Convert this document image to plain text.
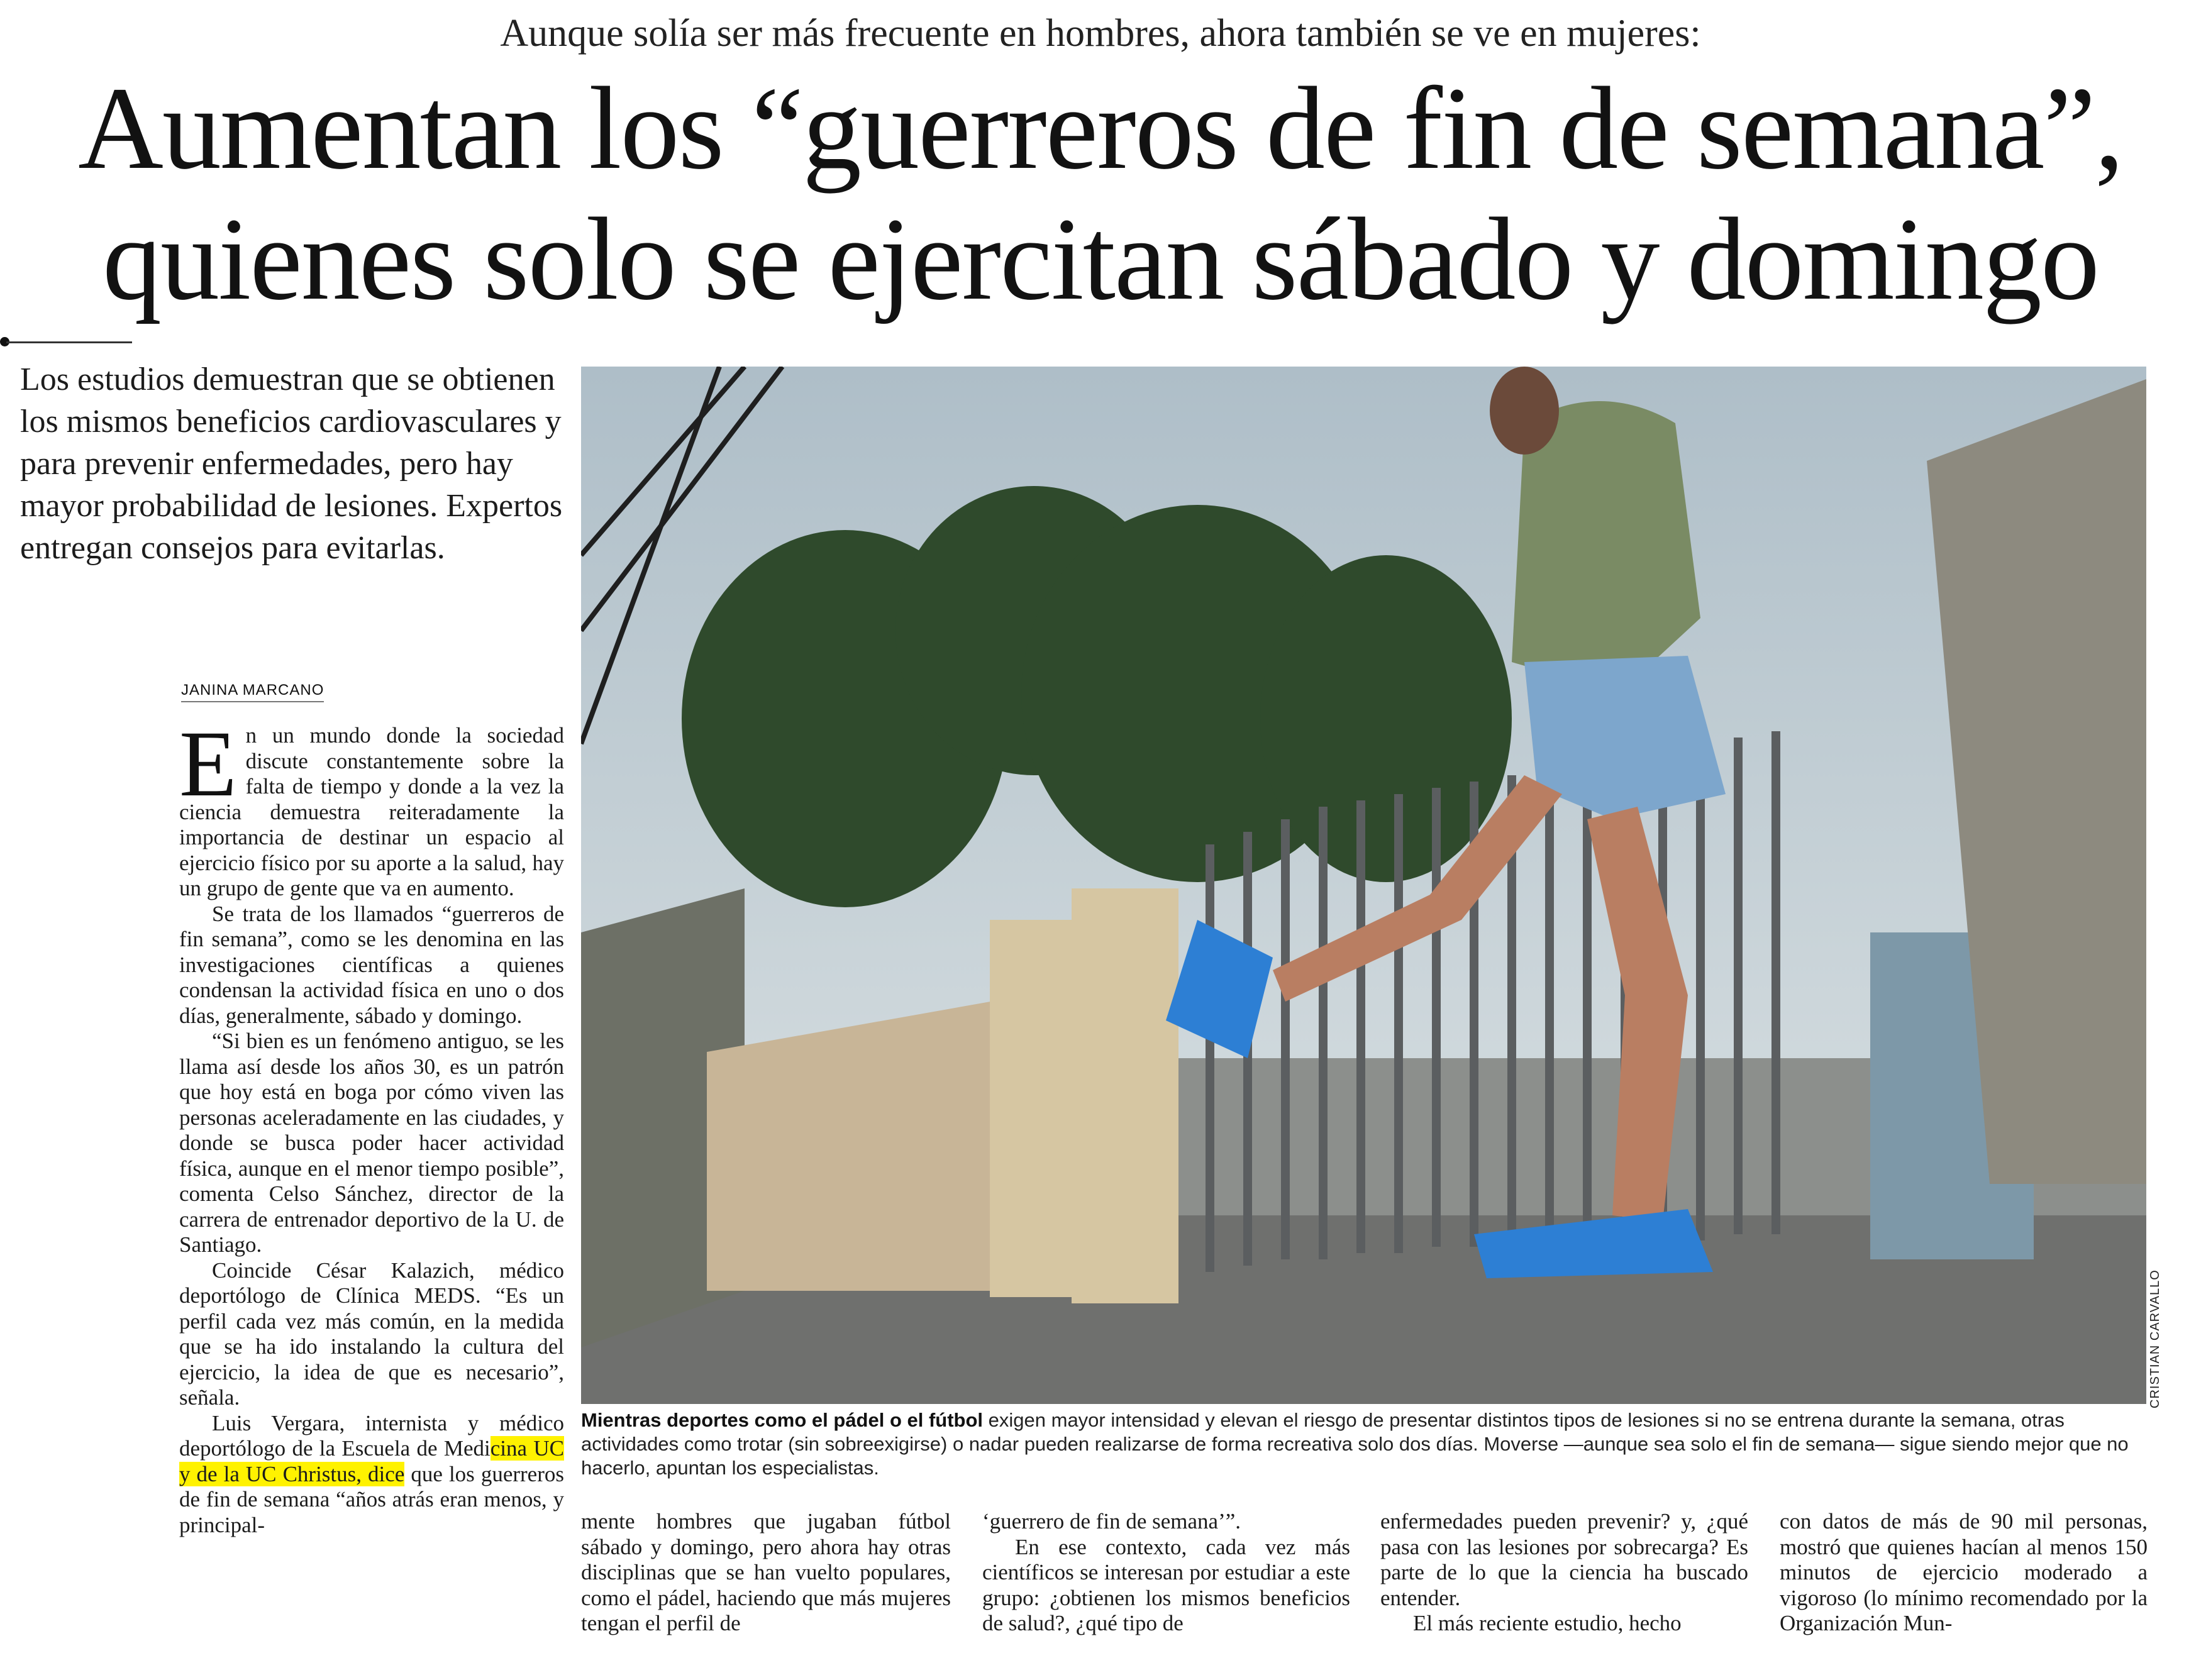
Aunque solía ser más frecuente en hombres, ahora también se ve en mujeres:
Aumentan los “guerreros de fin de semana”,
quienes solo se ejercitan sábado y domingo
Los estudios demuestran que se obtienen los mismos beneficios cardiovasculares y para prevenir enfermedades, pero hay mayor probabilidad de lesiones. Expertos entregan consejos para evitarlas.
JANINA MARCANO

En un mundo donde la sociedad discute constantemente sobre la falta de tiempo y donde a la vez la ciencia demuestra reiteradamente la importancia de destinar un espacio al ejercicio físico por su aporte a la salud, hay un grupo de gente que va en aumento.

Se trata de los llamados “guerreros de fin semana”, como se les denomina en las investigaciones científicas a quienes condensan la actividad física en uno o dos días, generalmente, sábado y domingo.

“Si bien es un fenómeno antiguo, se les llama así desde los años 30, es un patrón que hoy está en boga por cómo viven las personas aceleradamente en las ciudades, y donde se busca poder hacer actividad física, aunque en el menor tiempo posible”, comenta Celso Sánchez, director de la carrera de entrenador deportivo de la U. de Santiago.

Coincide César Kalazich, médico deportólogo de Clínica MEDS. “Es un perfil cada vez más común, en la medida que se ha ido instalando la cultura del ejercicio, la idea de que es necesario”, señala.

Luis Vergara, internista y médico deportólogo de la Escuela de Medicina UC y de la UC Christus, dice que los guerreros de fin de semana “años atrás eran menos, y principal-

CRISTIAN CARVALLO
Mientras deportes como el pádel o el fútbol exigen mayor intensidad y elevan el riesgo de presentar distintos tipos de lesiones si no se entrena durante la semana, otras actividades como trotar (sin sobreexigirse) o nadar pueden realizarse de forma recreativa solo dos días. Moverse —aunque sea solo el fin de semana— sigue siendo mejor que no hacerlo, apuntan los especialistas.

mente hombres que jugaban fútbol sábado y domingo, pero ahora hay otras disciplinas que se han vuelto populares, como el pádel, haciendo que más mujeres tengan el perfil de

‘guerrero de fin de semana’”.

En ese contexto, cada vez más científicos se interesan por estudiar a este grupo: ¿obtienen los mismos beneficios de salud?, ¿qué tipo de

enfermedades pueden prevenir? y, ¿qué pasa con las lesiones por sobrecarga? Es parte de lo que la ciencia ha buscado entender.

El más reciente estudio, hecho

con datos de más de 90 mil personas, mostró que quienes hacían al menos 150 minutos de ejercicio moderado a vigoroso (lo mínimo recomendado por la Organización Mun-
